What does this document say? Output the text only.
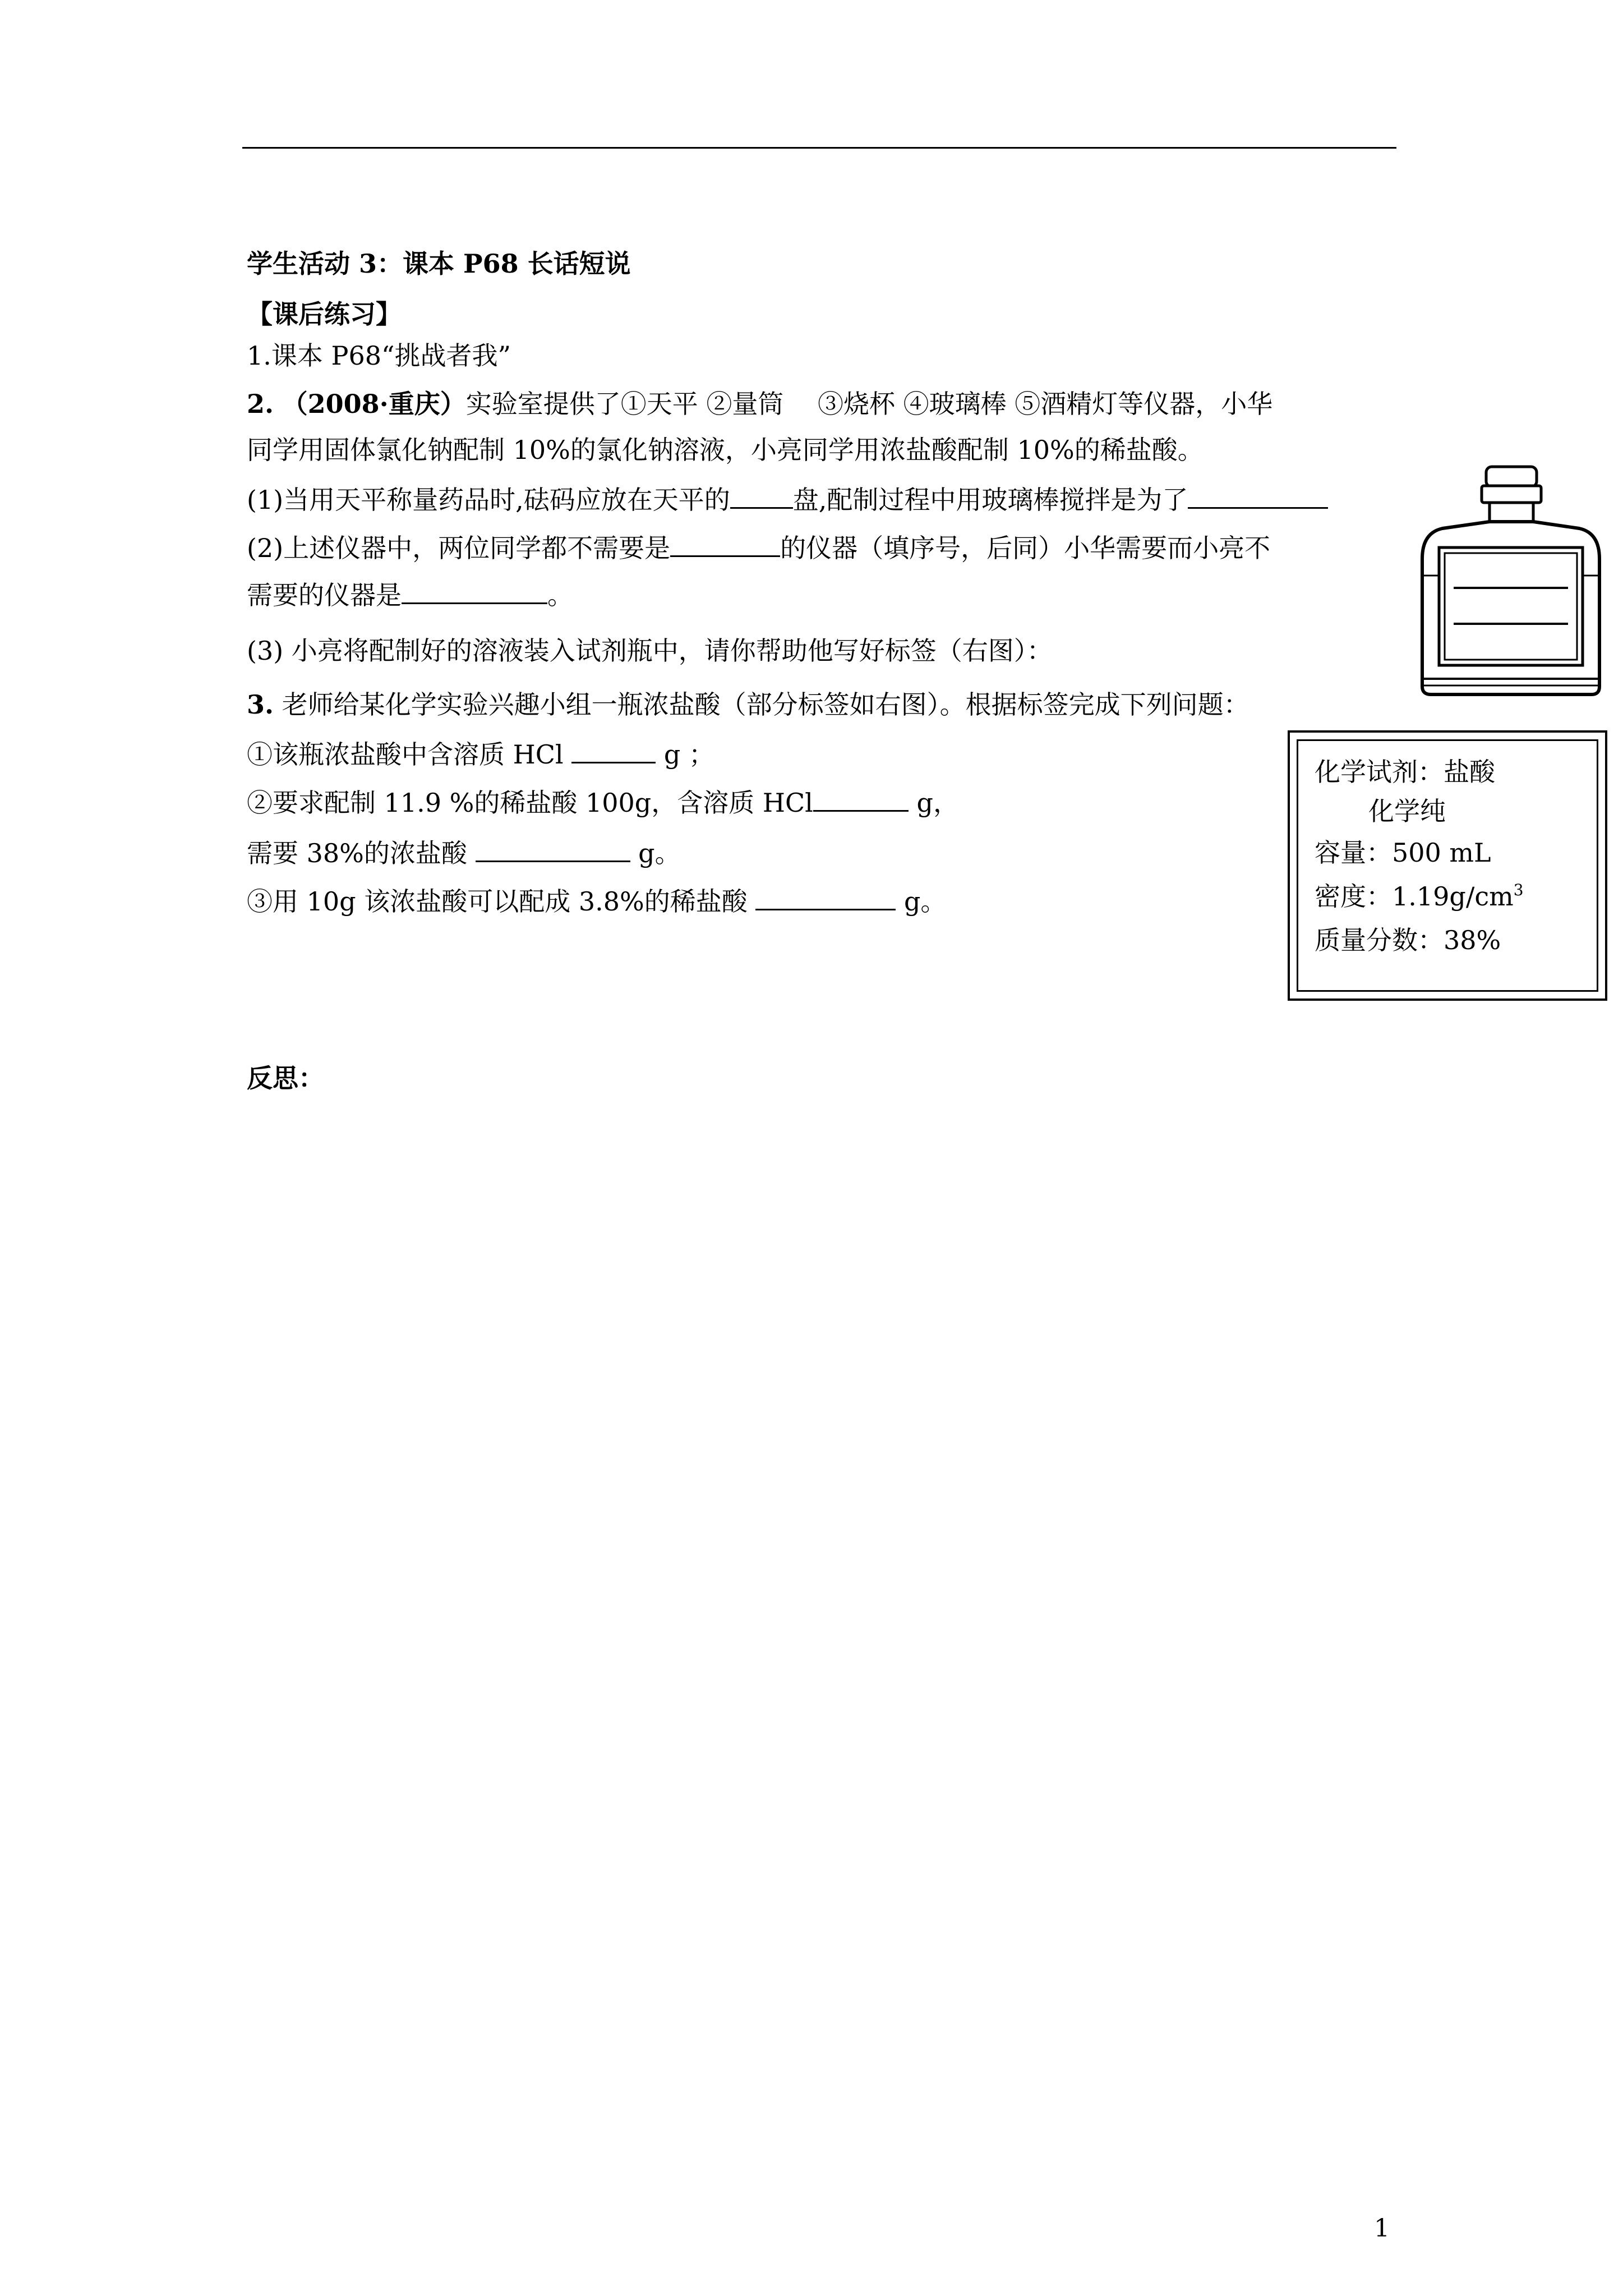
学生活动 3：课本 P68 长话短说
【课后练习】
1.课本 P68“挑战者我”
2. （2008·重庆）实验室提供了①天平 ②量筒　 ③烧杯 ④玻璃棒 ⑤酒精灯等仪器，小华
同学用固体氯化钠配制 10%的氯化钠溶液，小亮同学用浓盐酸配制 10%的稀盐酸。
(1)当用天平称量药品时,砝码应放在天平的 盘,配制过程中用玻璃棒搅拌是为了
(2)上述仪器中，两位同学都不需要是	的仪器（填序号，后同）小华需要而小亮不
需要的仪器是	。
(3) 小亮将配制好的溶液装入试剂瓶中，请你帮助他写好标签（右图）：
3. 老师给某化学实验兴趣小组一瓶浓盐酸（部分标签如右图）。根据标签完成下列问题：
①该瓶浓盐酸中含溶质 HCl	g ；
②要求配制 11.9 %的稀盐酸 100g，含溶质 HCl	g，
需要 38%的浓盐酸	g。
③用 10g 该浓盐酸可以配成 3.8%的稀盐酸	g。
化学试剂：盐酸
化学纯
容量：500 mL
密度：$1.19g/cm^3$
质量分数：38%
反思：
1
